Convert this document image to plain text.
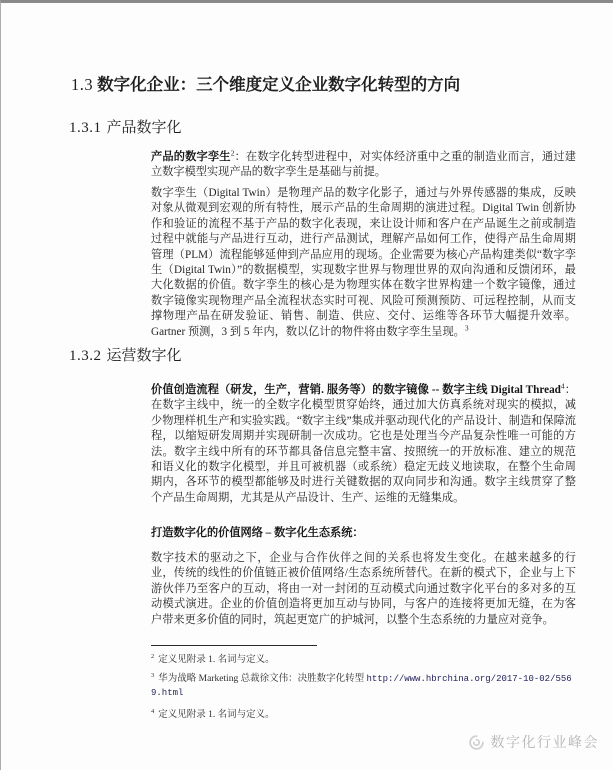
1.3 数字化企业：三个维度定义企业数字化转型的方向
1.3.1 产品数字化
产品的数字孪生$^2$：在数字化转型进程中，对实体经济重中之重的制造业而言，通过建立数字模型实现产品的数字孪生是基础与前提。
数字孪生（Digital Twin）是物理产品的数字化影子，通过与外界传感器的集成，反映对象从微观到宏观的所有特性，展示产品的生命周期的演进过程。Digital Twin 创新协作和验证的流程不基于产品的数字化表现，来让设计师和客户在产品诞生之前或制造过程中就能与产品进行互动，进行产品测试，理解产品如何工作，使得产品生命周期管理（PLM）流程能够延伸到产品应用的现场。企业需要为核心产品构建类似“数字孪生（Digital Twin）”的数据模型，实现数字世界与物理世界的双向沟通和反馈闭环，最大化数据的价值。数字孪生的核心是为物理实体在数字世界构建一个数字镜像，通过数字镜像实现物理产品全流程状态实时可视、风险可预测预防、可远程控制，从而支撑物理产品在研发验证、销售、制造、供应、交付、运维等各环节大幅提升效率。Gartner 预测，3 到 5 年内，数以亿计的物件将由数字孪生呈现。$^3$
1.3.2 运营数字化
价值创造流程（研发，生产，营销. 服务等）的数字镜像 -- 数字主线 Digital Thread$^4$：在数字主线中，统一的全数字化模型贯穿始终，通过加大仿真系统对现实的模拟，减少物理样机生产和实验实践。“数字主线”集成并驱动现代化的产品设计、制造和保障流程，以缩短研发周期并实现研制一次成功。它也是处理当今产品复杂性唯一可能的方法。数字主线中所有的环节都具备信息完整丰富、按照统一的开放标准、建立的规范和语义化的数字化模型，并且可被机器（或系统）稳定无歧义地读取，在整个生命周期内，各环节的模型都能够及时进行关键数据的双向同步和沟通。数字主线贯穿了整个产品生命周期，尤其是从产品设计、生产、运维的无缝集成。
打造数字化的价值网络 – 数字化生态系统：
数字技术的驱动之下，企业与合作伙伴之间的关系也将发生变化。在越来越多的行业，传统的线性的价值链正被价值网络/生态系统所替代。在新的模式下，企业与上下游伙伴乃至客户的互动，将由一对一封闭的互动模式向通过数字化平台的多对多的互动模式演进。企业的价值创造将更加互动与协同，与客户的连接将更加无缝，在为客户带来更多价值的同时，筑起更宽广的护城河，以整个生态系统的力量应对竞争。
$^2$ 定义见附录 1. 名词与定义。
$^3$ 华为战略 Marketing 总裁徐文伟：决胜数字化转型 http://www.hbrchina.org/2017-10-02/5569.html
$^4$ 定义见附录 1. 名词与定义。
数字化行业峰会
